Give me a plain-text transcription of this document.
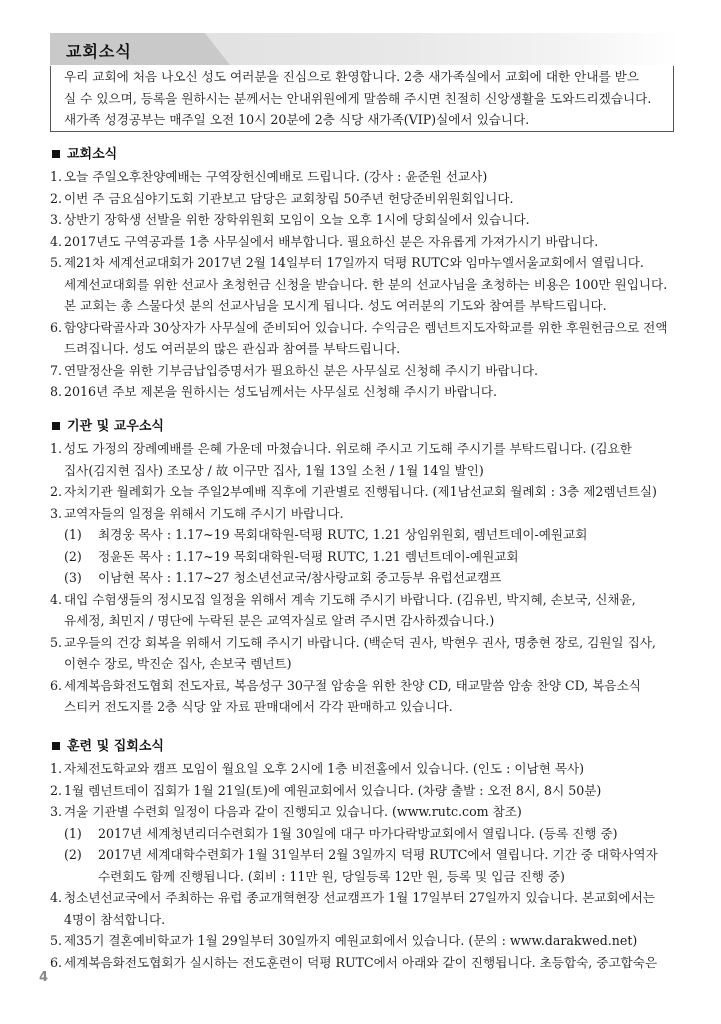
교회소식
우리 교회에 처음 나오신 성도 여러분을 진심으로 환영합니다. 2층 새가족실에서 교회에 대한 안내를 받으
실 수 있으며, 등록을 원하시는 분께서는 안내위원에게 말씀해 주시면 친절히 신앙생활을 도와드리겠습니다.
새가족 성경공부는 매주일 오전 10시 20분에 2층 식당 새가족(VIP)실에서 있습니다.
교회소식
1. 오늘 주일오후찬양예배는 구역장헌신예배로 드립니다. (강사 : 윤준원 선교사)
2. 이번 주 금요심야기도회 기관보고 담당은 교회창립 50주년 헌당준비위원회입니다.
3. 상반기 장학생 선발을 위한 장학위원회 모임이 오늘 오후 1시에 당회실에서 있습니다.
4. 2017년도 구역공과를 1층 사무실에서 배부합니다. 필요하신 분은 자유롭게 가져가시기 바랍니다.
5. 제21차 세계선교대회가 2017년 2월 14일부터 17일까지 덕평 RUTC와 임마누엘서울교회에서 열립니다.
세계선교대회를 위한 선교사 초청헌금 신청을 받습니다. 한 분의 선교사님을 초청하는 비용은 100만 원입니다.
본 교회는 총 스물다섯 분의 선교사님을 모시게 됩니다. 성도 여러분의 기도와 참여를 부탁드립니다.
6. 함양다락골사과 30상자가 사무실에 준비되어 있습니다. 수익금은 렘넌트지도자학교를 위한 후원헌금으로 전액
드려집니다. 성도 여러분의 많은 관심과 참여를 부탁드립니다.
7. 연말정산을 위한 기부금납입증명서가 필요하신 분은 사무실로 신청해 주시기 바랍니다.
8. 2016년 주보 제본을 원하시는 성도님께서는 사무실로 신청해 주시기 바랍니다.
기관 및 교우소식
1. 성도 가정의 장례예배를 은혜 가운데 마쳤습니다. 위로해 주시고 기도해 주시기를 부탁드립니다. (김요한
집사(김지현 집사) 조모상 / 故 이구만 집사, 1월 13일 소천 / 1월 14일 발인)
2. 자치기관 월례회가 오늘 주일2부예배 직후에 기관별로 진행됩니다. (제1남선교회 월례회 : 3층 제2렘넌트실)
3. 교역자들의 일정을 위해서 기도해 주시기 바랍니다.
(1) 최경웅 목사 : 1.17~19 목회대학원-덕평 RUTC, 1.21 상임위원회, 렘넌트데이-예원교회
(2) 정윤돈 목사 : 1.17~19 목회대학원-덕평 RUTC, 1.21 렘넌트데이-예원교회
(3) 이남현 목사 : 1.17~27 청소년선교국/참사랑교회 중고등부 유럽선교캠프
4. 대입 수험생들의 정시모집 일정을 위해서 계속 기도해 주시기 바랍니다. (김유빈, 박지혜, 손보국, 신채윤,
유세정, 최민지 / 명단에 누락된 분은 교역자실로 알려 주시면 감사하겠습니다.)
5. 교우들의 건강 회복을 위해서 기도해 주시기 바랍니다. (백순덕 권사, 박현우 권사, 명충현 장로, 김원일 집사,
이현수 장로, 박진순 집사, 손보국 렘넌트)
6. 세계복음화전도협회 전도자료, 복음성구 30구절 암송을 위한 찬양 CD, 태교말씀 암송 찬양 CD, 복음소식
스티커 전도지를 2층 식당 앞 자료 판매대에서 각각 판매하고 있습니다.
훈련 및 집회소식
1. 자체전도학교와 캠프 모임이 월요일 오후 2시에 1층 비전홀에서 있습니다. (인도 : 이남현 목사)
2. 1월 렘넌트데이 집회가 1월 21일(토)에 예원교회에서 있습니다. (차량 출발 : 오전 8시, 8시 50분)
3. 겨울 기관별 수련회 일정이 다음과 같이 진행되고 있습니다. (www.rutc.com 참조)
(1) 2017년 세계청년리더수련회가 1월 30일에 대구 마가다락방교회에서 열립니다. (등록 진행 중)
(2) 2017년 세계대학수련회가 1월 31일부터 2월 3일까지 덕평 RUTC에서 열립니다. 기간 중 대학사역자
수련회도 함께 진행됩니다. (회비 : 11만 원, 당일등록 12만 원, 등록 및 입금 진행 중)
4. 청소년선교국에서 주최하는 유럽 종교개혁현장 선교캠프가 1월 17일부터 27일까지 있습니다. 본교회에서는
4명이 참석합니다.
5. 제35기 결혼예비학교가 1월 29일부터 30일까지 예원교회에서 있습니다. (문의 : www.darakwed.net)
6. 세계복음화전도협회가 실시하는 전도훈련이 덕평 RUTC에서 아래와 같이 진행됩니다. 초등합숙, 중고합숙은
4
